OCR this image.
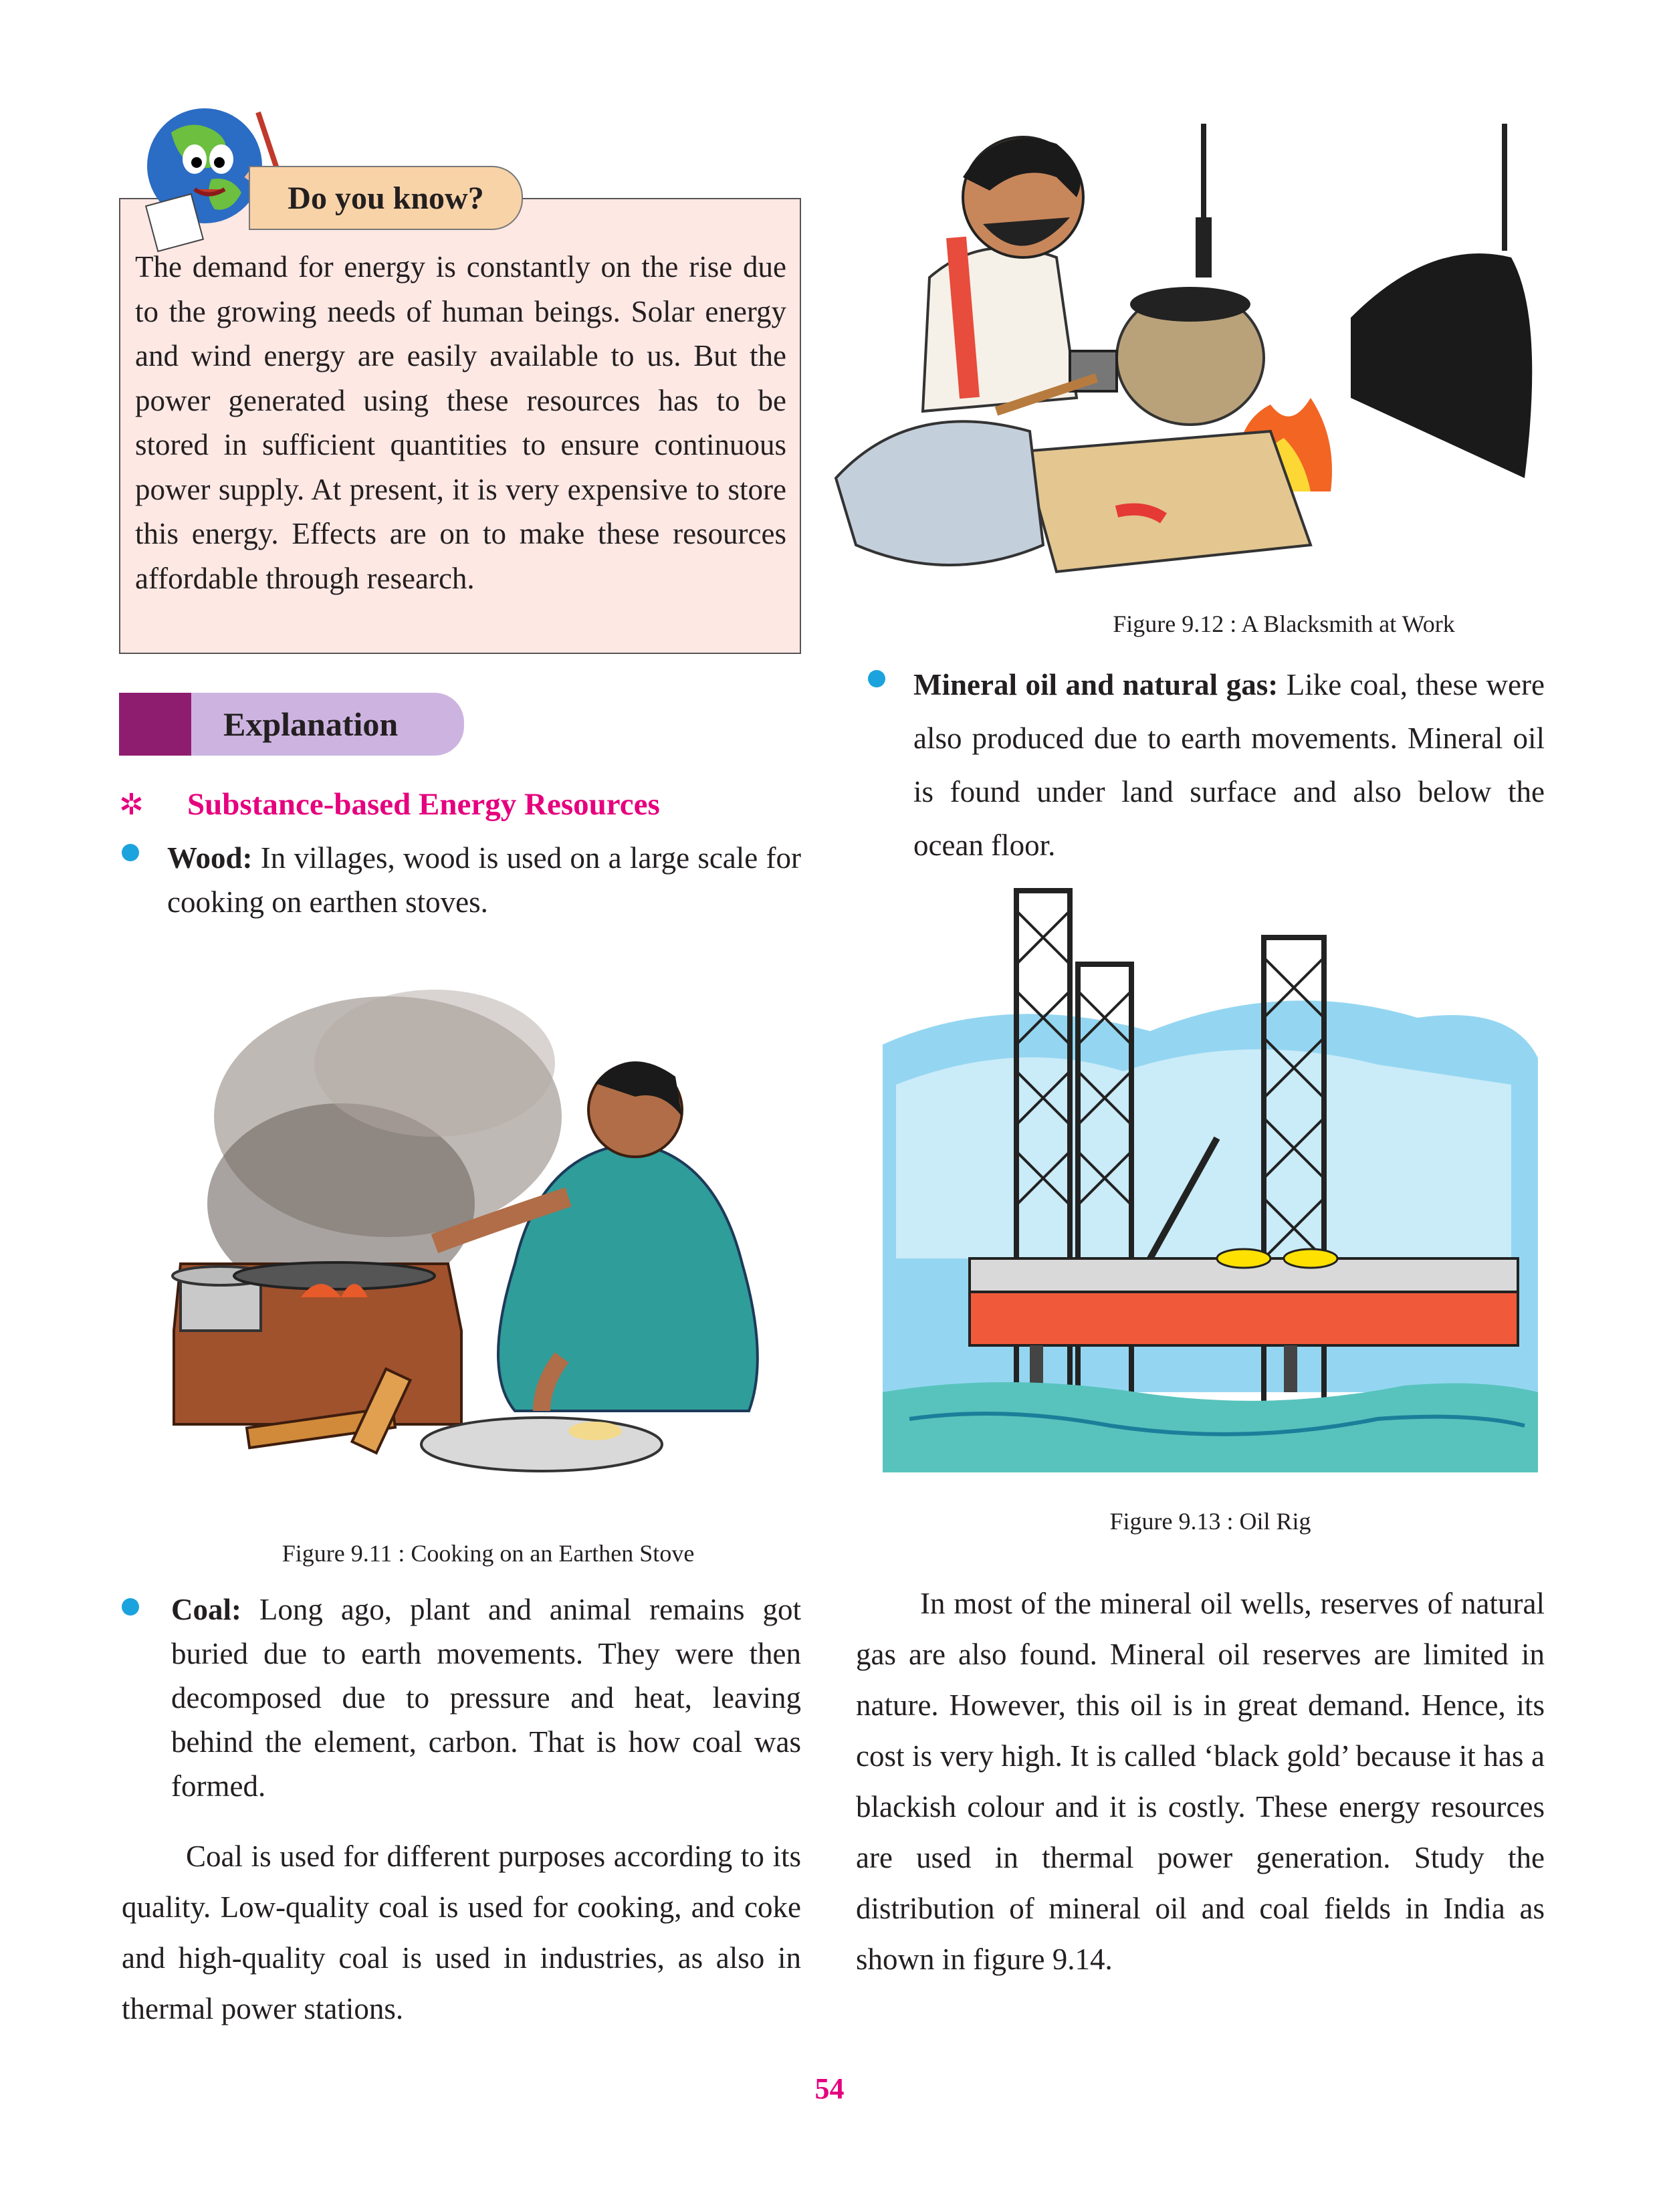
Do you know?
The demand for energy is constantly on the rise due to the growing needs of human beings. Solar energy and wind energy are easily available to us. But the power generated using these resources has to be stored in sufficient quantities to ensure continuous power supply. At present, it is very expensive to store this energy. Effects are on to make these resources affordable through research.
Explanation
✲ Substance-based Energy Resources
Wood: In villages, wood is used on a large scale for cooking on earthen stoves.
Figure 9.11 : Cooking on an Earthen Stove
Coal: Long ago, plant and animal remains got buried due to earth movements. They were then decomposed due to pressure and heat, leaving behind the element, carbon. That is how coal was formed.
Coal is used for different purposes according to its quality. Low-quality coal is used for cooking, and coke and high-quality coal is used in industries, as also in thermal power stations.
Figure 9.12 : A Blacksmith at Work
Mineral oil and natural gas: Like coal, these were also produced due to earth movements. Mineral oil is found under land surface and also below the ocean floor.
Figure 9.13 : Oil Rig
In most of the mineral oil wells, reserves of natural gas are also found. Mineral oil reserves are limited in nature. However, this oil is in great demand. Hence, its cost is very high. It is called ‘black gold’ because it has a blackish colour and it is costly. These energy resources are used in thermal power generation. Study the distribution of mineral oil and coal fields in India as shown in figure 9.14.
54
